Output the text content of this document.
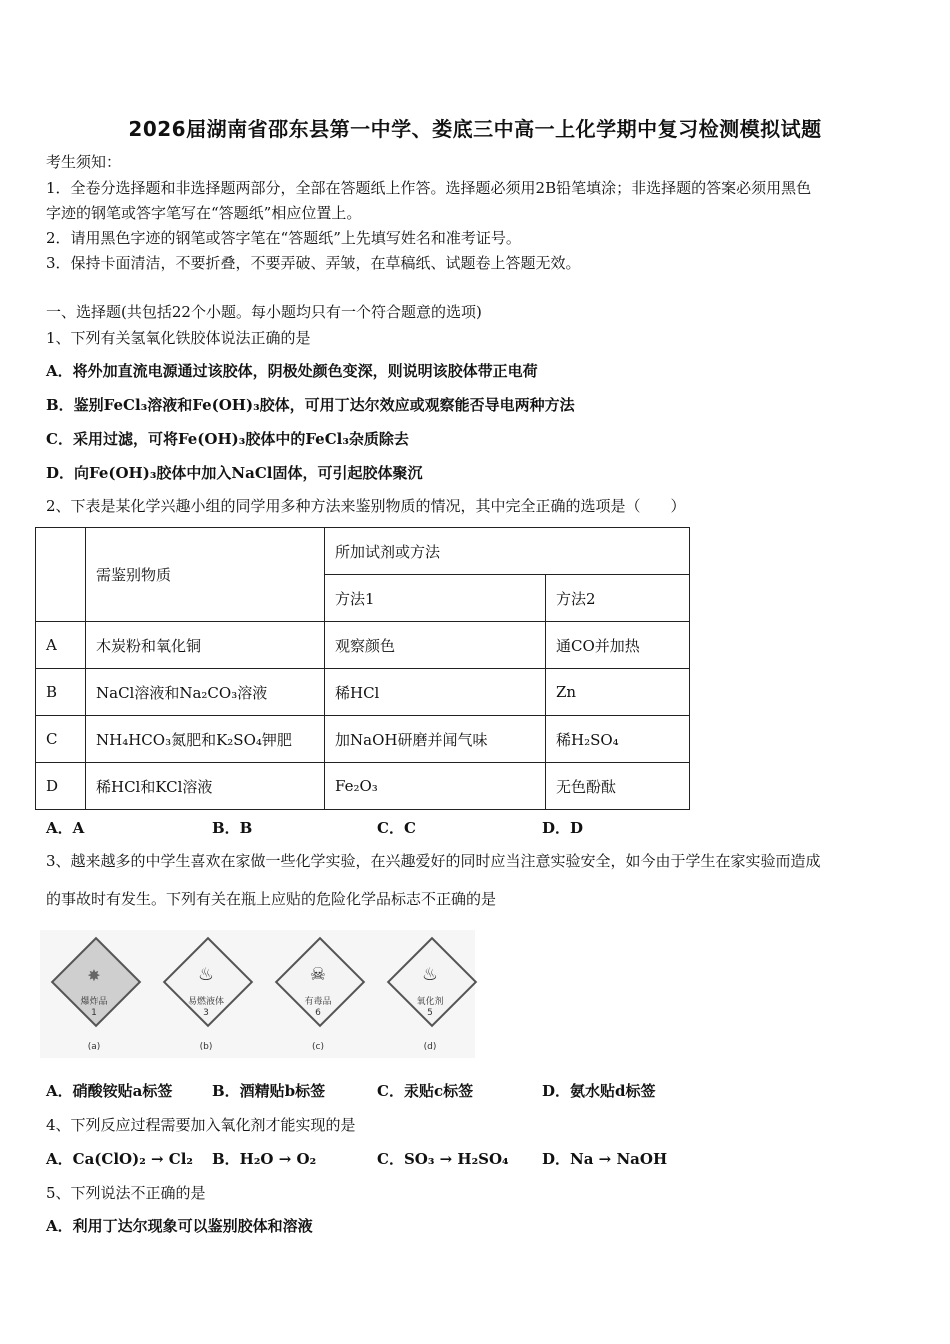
2026届湖南省邵东县第一中学、娄底三中高一上化学期中复习检测模拟试题
考生须知：
1．全卷分选择题和非选择题两部分，全部在答题纸上作答。选择题必须用2B铅笔填涂；非选择题的答案必须用黑色
字迹的钢笔或答字笔写在“答题纸”相应位置上。
2．请用黑色字迹的钢笔或答字笔在“答题纸”上先填写姓名和准考证号。
3．保持卡面清洁，不要折叠，不要弄破、弄皱，在草稿纸、试题卷上答题无效。
一、选择题(共包括22个小题。每小题均只有一个符合题意的选项)
1、下列有关氢氧化铁胶体说法正确的是
A．将外加直流电源通过该胶体，阴极处颜色变深，则说明该胶体带正电荷
B．鉴别FeCl₃溶液和Fe(OH)₃胶体，可用丁达尔效应或观察能否导电两种方法
C．采用过滤，可将Fe(OH)₃胶体中的FeCl₃杂质除去
D．向Fe(OH)₃胶体中加入NaCl固体，可引起胶体聚沉
2、下表是某化学兴趣小组的同学用多种方法来鉴别物质的情况，其中完全正确的选项是（　　）
	需鉴别物质	所加试剂或方法	
		方法1	方法2
A	木炭粉和氧化铜	观察颜色	通CO并加热
B	NaCl溶液和Na₂CO₃溶液	稀HCl	Zn
C	NH₄HCO₃氮肥和K₂SO₄钾肥	加NaOH研磨并闻气味	稀H₂SO₄
D	稀HCl和KCl溶液	Fe₂O₃	无色酚酞
A．A	B．B	C．C	D．D
3、越来越多的中学生喜欢在家做一些化学实验，在兴趣爱好的同时应当注意实验安全，如今由于学生在家实验而造成
的事故时有发生。下列有关在瓶上应贴的危险化学品标志不正确的是
✸
爆炸品
1
(a)
♨
易燃液体
3
(b)
☠
有毒品
6
(c)
♨
氧化剂
5
(d)
A．硝酸铵贴a标签	B．酒精贴b标签	C．汞贴c标签	D．氨水贴d标签
4、下列反应过程需要加入氧化剂才能实现的是
A．Ca(ClO)₂ → Cl₂ B．H₂O → O₂	C．SO₃ → H₂SO₄ D．Na → NaOH
5、下列说法不正确的是
A．利用丁达尔现象可以鉴别胶体和溶液
